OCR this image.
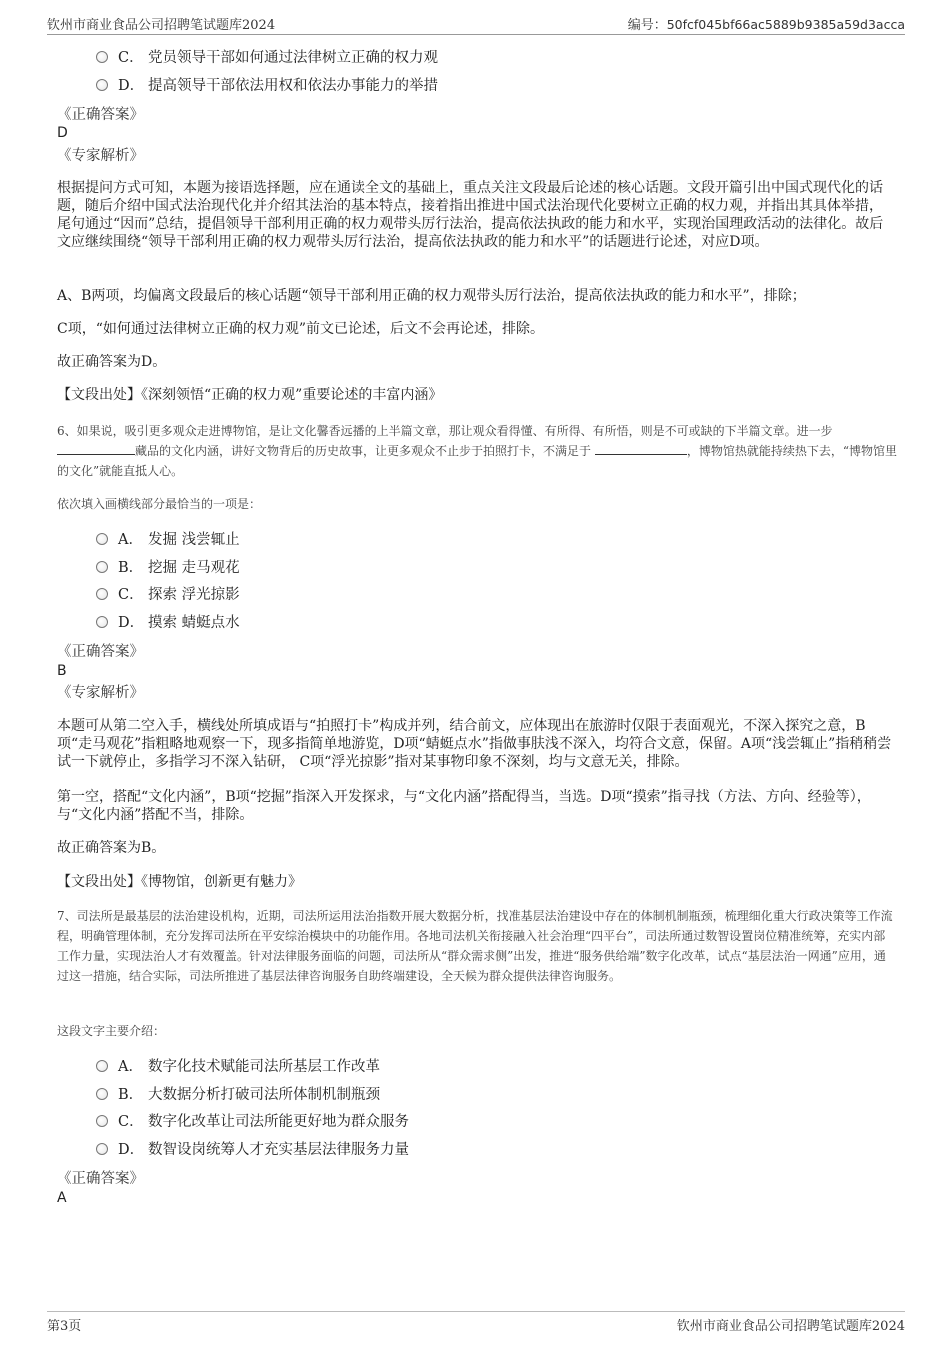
钦州市商业食品公司招聘笔试题库2024	编号：50fcf045bf66ac5889b9385a59d3acca
C． 党员领导干部如何通过法律树立正确的权力观
D． 提高领导干部依法用权和依法办事能力的举措
《正确答案》
D
《专家解析》
根据提问方式可知，本题为接语选择题，应在通读全文的基础上，重点关注文段最后论述的核心话题。文段开篇引出中国式现代化的话题，随后介绍中国式法治现代化并介绍其法治的基本特点，接着指出推进中国式法治现代化要树立正确的权力观，并指出其具体举措，尾句通过“因而”总结，提倡领导干部利用正确的权力观带头厉行法治，提高依法执政的能力和水平，实现治国理政活动的法律化。故后文应继续围绕“领导干部利用正确的权力观带头厉行法治，提高依法执政的能力和水平”的话题进行论述，对应D项。
A、B两项，均偏离文段最后的核心话题“领导干部利用正确的权力观带头厉行法治，提高依法执政的能力和水平”，排除；
C项，“如何通过法律树立正确的权力观”前文已论述，后文不会再论述，排除。
故正确答案为D。
【文段出处】《深刻领悟“正确的权力观”重要论述的丰富内涵》
6、如果说，吸引更多观众走进博物馆，是让文化馨香远播的上半篇文章，那让观众看得懂、有所得、有所悟，则是不可或缺的下半篇文章。进一步 藏品的文化内涵，讲好文物背后的历史故事，让更多观众不止步于拍照打卡，不满足于	，博物馆热就能持续热下去，“博物馆里的文化”就能直抵人心。
依次填入画横线部分最恰当的一项是：
A． 发掘 浅尝辄止
B． 挖掘 走马观花
C． 探索 浮光掠影
D． 摸索 蜻蜓点水
《正确答案》
B
《专家解析》
本题可从第二空入手，横线处所填成语与“拍照打卡”构成并列，结合前文，应体现出在旅游时仅限于表面观光，不深入探究之意，B项“走马观花”指粗略地观察一下，现多指简单地游览，D项“蜻蜓点水”指做事肤浅不深入，均符合文意，保留。A项“浅尝辄止”指稍稍尝试一下就停止，多指学习不深入钻研， C项“浮光掠影”指对某事物印象不深刻，均与文意无关，排除。
第一空，搭配“文化内涵”，B项“挖掘”指深入开发探求，与“文化内涵”搭配得当，当选。D项“摸索”指寻找（方法、方向、经验等），与“文化内涵”搭配不当，排除。
故正确答案为B。
【文段出处】《博物馆，创新更有魅力》
7、司法所是最基层的法治建设机构，近期，司法所运用法治指数开展大数据分析，找准基层法治建设中存在的体制机制瓶颈，梳理细化重大行政决策等工作流程，明确管理体制，充分发挥司法所在平安综治模块中的功能作用。各地司法机关衔接融入社会治理“四平台”，司法所通过数智设置岗位精准统筹，充实内部工作力量，实现法治人才有效覆盖。针对法律服务面临的问题，司法所从“群众需求侧”出发，推进“服务供给端”数字化改革，试点“基层法治一网通”应用，通过这一措施，结合实际，司法所推进了基层法律咨询服务自助终端建设，全天候为群众提供法律咨询服务。
这段文字主要介绍：
A． 数字化技术赋能司法所基层工作改革
B． 大数据分析打破司法所体制机制瓶颈
C． 数字化改革让司法所能更好地为群众服务
D． 数智设岗统筹人才充实基层法律服务力量
《正确答案》
A
第3页	钦州市商业食品公司招聘笔试题库2024
